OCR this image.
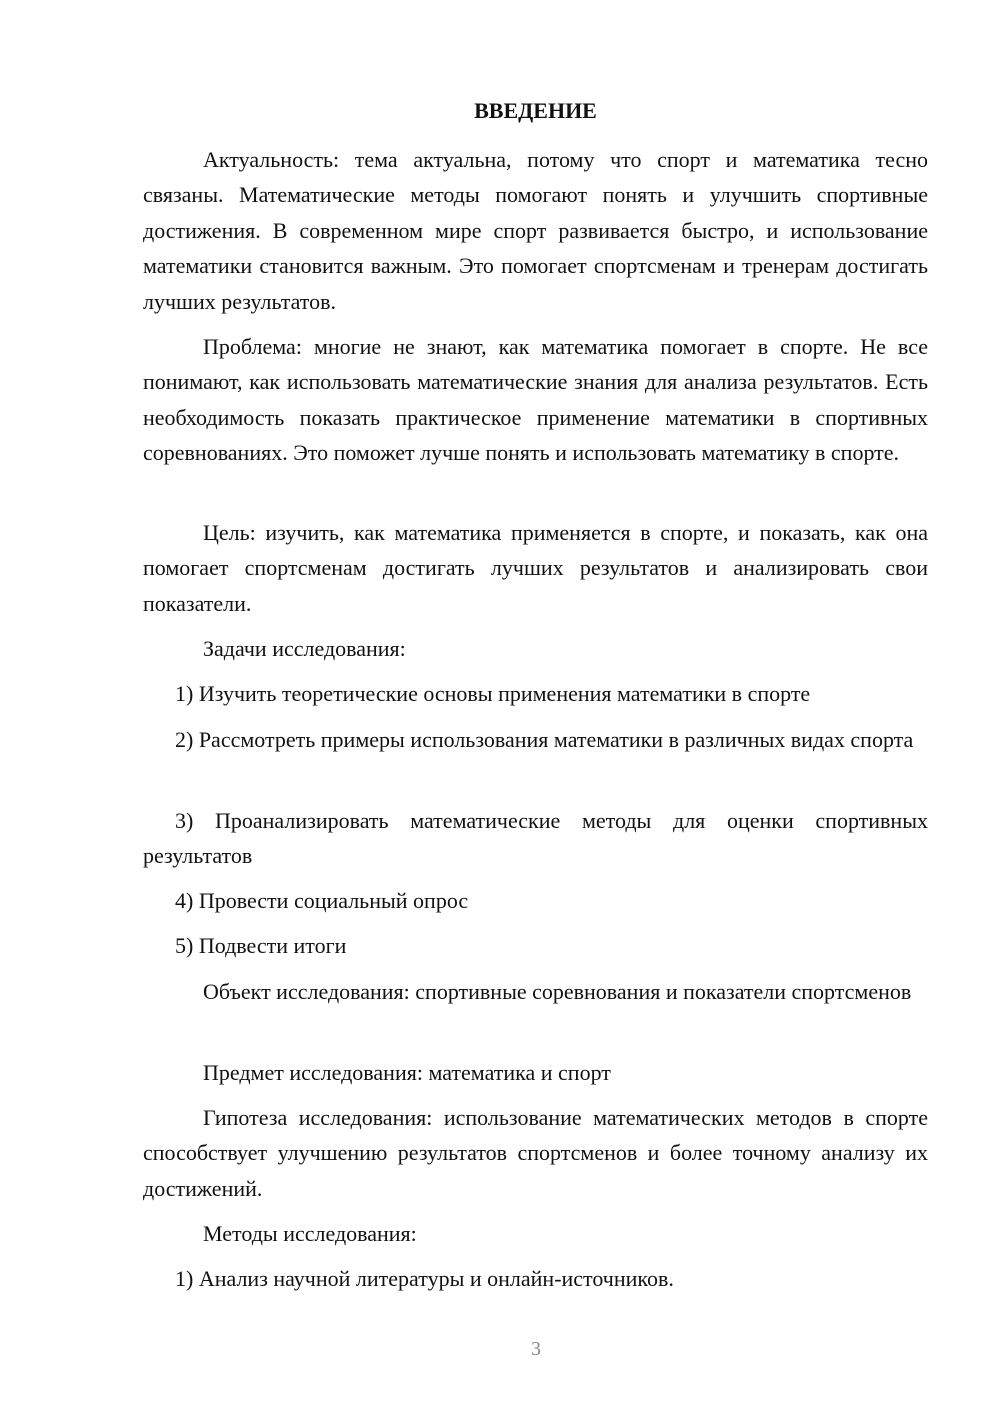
ВВЕДЕНИЕ

Актуальность: тема актуальна, потому что спорт и математика тесно связаны. Математические методы помогают понять и улучшить спортивные достижения. В современном мире спорт развивается быстро, и использование математики становится важным. Это помогает спортсменам и тренерам достигать лучших результатов.

Проблема: многие не знают, как математика помогает в спорте. Не все понимают, как использовать математические знания для анализа результатов. Есть необходимость показать практическое применение математики в спортивных соревнованиях. Это поможет лучше понять и использовать математику в спорте.

Цель: изучить, как математика применяется в спорте, и показать, как она помогает спортсменам достигать лучших результатов и анализировать свои показатели.

Задачи исследования:

1) Изучить теоретические основы применения математики в спорте

2) Рассмотреть примеры использования математики в различных видах спорта

3) Проанализировать математические методы для оценки спортивных результатов

4) Провести социальный опрос

5) Подвести итоги

Объект исследования: спортивные соревнования и показатели спортсменов

Предмет исследования: математика и спорт

Гипотеза исследования: использование математических методов в спорте способствует улучшению результатов спортсменов и более точному анализу их достижений.

Методы исследования:

1) Анализ научной литературы и онлайн-источников.

3
